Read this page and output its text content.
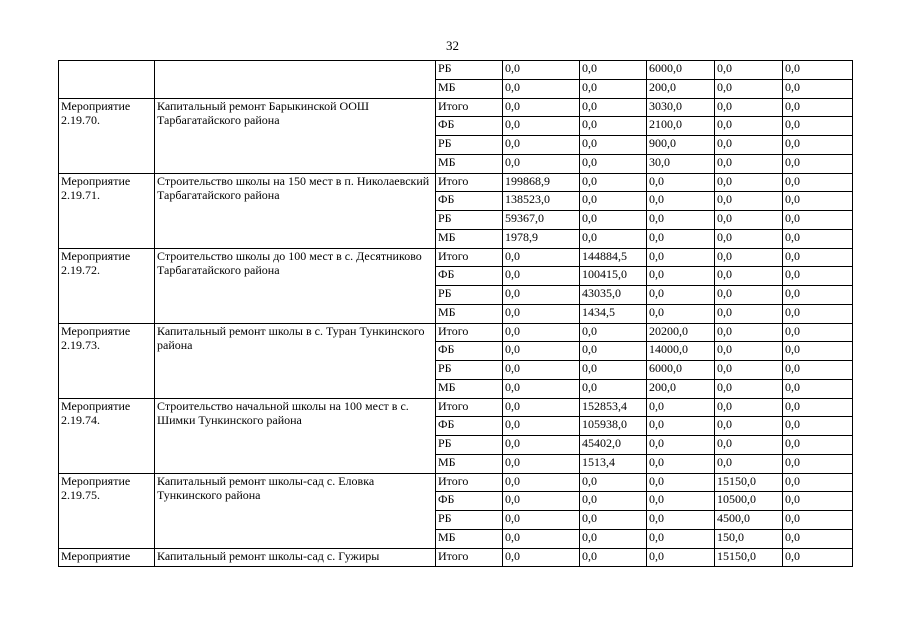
32
		РБ	0,0	0,0	6000,0	0,0	0,0
		МБ	0,0	0,0	200,0	0,0	0,0
Мероприятие 2.19.70.	Капитальный ремонт Барыкинской ООШ Тарбагатайского района	Итого	0,0	0,0	3030,0	0,0	0,0
		ФБ	0,0	0,0	2100,0	0,0	0,0
		РБ	0,0	0,0	900,0	0,0	0,0
		МБ	0,0	0,0	30,0	0,0	0,0
Мероприятие 2.19.71.	Строительство школы на 150 мест в п. Николаевский Тарбагатайского района	Итого	199868,9	0,0	0,0	0,0	0,0
		ФБ	138523,0	0,0	0,0	0,0	0,0
		РБ	59367,0	0,0	0,0	0,0	0,0
		МБ	1978,9	0,0	0,0	0,0	0,0
Мероприятие 2.19.72.	Строительство школы до 100 мест в с. Десятниково Тарбагатайского района	Итого	0,0	144884,5	0,0	0,0	0,0
		ФБ	0,0	100415,0	0,0	0,0	0,0
		РБ	0,0	43035,0	0,0	0,0	0,0
		МБ	0,0	1434,5	0,0	0,0	0,0
Мероприятие 2.19.73.	Капитальный ремонт школы в с. Туран Тункинского района	Итого	0,0	0,0	20200,0	0,0	0,0
		ФБ	0,0	0,0	14000,0	0,0	0,0
		РБ	0,0	0,0	6000,0	0,0	0,0
		МБ	0,0	0,0	200,0	0,0	0,0
Мероприятие 2.19.74.	Строительство начальной школы на 100 мест в с. Шимки Тункинского района	Итого	0,0	152853,4	0,0	0,0	0,0
		ФБ	0,0	105938,0	0,0	0,0	0,0
		РБ	0,0	45402,0	0,0	0,0	0,0
		МБ	0,0	1513,4	0,0	0,0	0,0
Мероприятие 2.19.75.	Капитальный ремонт школы-сад с. Еловка Тункинского района	Итого	0,0	0,0	0,0	15150,0	0,0
		ФБ	0,0	0,0	0,0	10500,0	0,0
		РБ	0,0	0,0	0,0	4500,0	0,0
		МБ	0,0	0,0	0,0	150,0	0,0
Мероприятие	Капитальный ремонт школы-сад с. Гужиры	Итого	0,0	0,0	0,0	15150,0	0,0
